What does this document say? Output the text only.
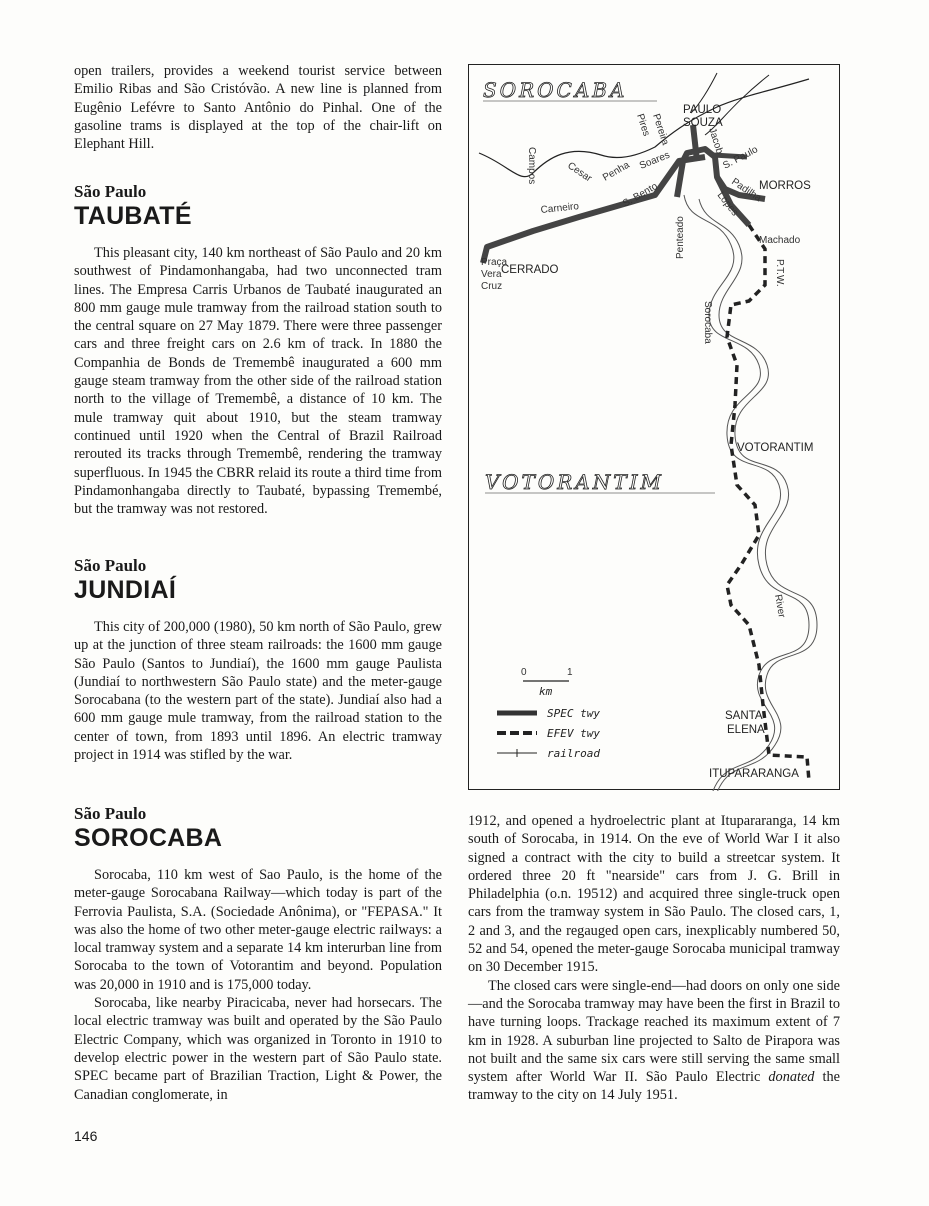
open trailers, provides a weekend tourist service between Emilio Ribas and São Cristóvão. A new line is planned from Eugênio Lefévre to Santo Antônio do Pinhal. One of the gasoline trams is displayed at the top of the chair-lift on Elephant Hill.

São Paulo
TAUBATÉ

This pleasant city, 140 km northeast of São Paulo and 20 km southwest of Pindamonhangaba, had two unconnected tram lines. The Empresa Carris Urbanos de Taubaté inaugurated an 800 mm gauge mule tramway from the railroad station south to the central square on 27 May 1879. There were three passenger cars and three freight cars on 2.6 km of track. In 1880 the Companhia de Bonds de Tremembê inaugurated a 600 mm gauge steam tramway from the other side of the railroad station north to the village of Tremembê, a distance of 10 km. The mule tramway quit about 1910, but the steam tramway continued until 1920 when the Central of Brazil Railroad rerouted its tracks through Tremembê, rendering the tramway superfluous. In 1945 the CBRR relaid its route a third time from Pindamonhangaba directly to Taubaté, bypassing Tremembé, but the tramway was not restored.

São Paulo
JUNDIAÍ

This city of 200,000 (1980), 50 km north of São Paulo, grew up at the junction of three steam railroads: the 1600 mm gauge São Paulo (Santos to Jundiaí), the 1600 mm gauge Paulista (Jundiaí to northwestern São Paulo state) and the meter-gauge Sorocabana (to the western part of the state). Jundiaí also had a 600 mm gauge mule tramway, from the railroad station to the center of town, from 1893 until 1896. An electric tramway project in 1914 was stifled by the war.

São Paulo
SOROCABA

Sorocaba, 110 km west of Sao Paulo, is the home of the meter-gauge Sorocabana Railway—which today is part of the Ferrovia Paulista, S.A. (Sociedade Anônima), or "FEPASA." It was also the home of two other meter-gauge electric railways: a local tramway system and a separate 14 km interurban line from Sorocaba to the town of Votorantim and beyond. Population was 20,000 in 1910 and is 175,000 today.

Sorocaba, like nearby Piracicaba, never had horsecars. The local electric tramway was built and operated by the São Paulo Electric Company, which was organized in Toronto in 1910 to develop electric power in the western part of São Paulo state. SPEC became part of Brazilian Traction, Light & Power, the Canadian conglomerate, in

1912, and opened a hydroelectric plant at Itupararanga, 14 km south of Sorocaba, in 1914. On the eve of World War I it also signed a contract with the city to build a streetcar system. It ordered three 20 ft "nearside" cars from J. G. Brill in Philadelphia (o.n. 19512) and acquired three single-truck open cars from the tramway system in São Paulo. The closed cars, 1, 2 and 3, and the regauged open cars, inexplicably numbered 50, 52 and 54, opened the meter-gauge Sorocaba municipal tramway on 30 December 1915.

The closed cars were single-end—had doors on only one side—and the Sorocaba tramway may have been the first in Brazil to have turning loops. Trackage reached its maximum extent of 7 km in 1928. A suburban line projected to Salto de Pirapora was not built and the same six cars were still serving the same small system after World War II. São Paulo Electric donated the tramway to the city on 14 July 1951.

SOROCABA
VOTORANTIM
PAULO
SOUZA
Pires
Pereira	Jacob
Soares	S. Paulo
Campos	Cesar Penha
S. Bento
Penteado
Padilha
MORROS
Lopes
Machado
Carneiro
CERRADO
Praça
Vera
Cruz	P.T.W.
Sorocaba
VOTORANTIM
River
SANTA
ELENA
ITUPARARANGA
0	1
km
SPEC twy
EFEV twy
railroad
146
